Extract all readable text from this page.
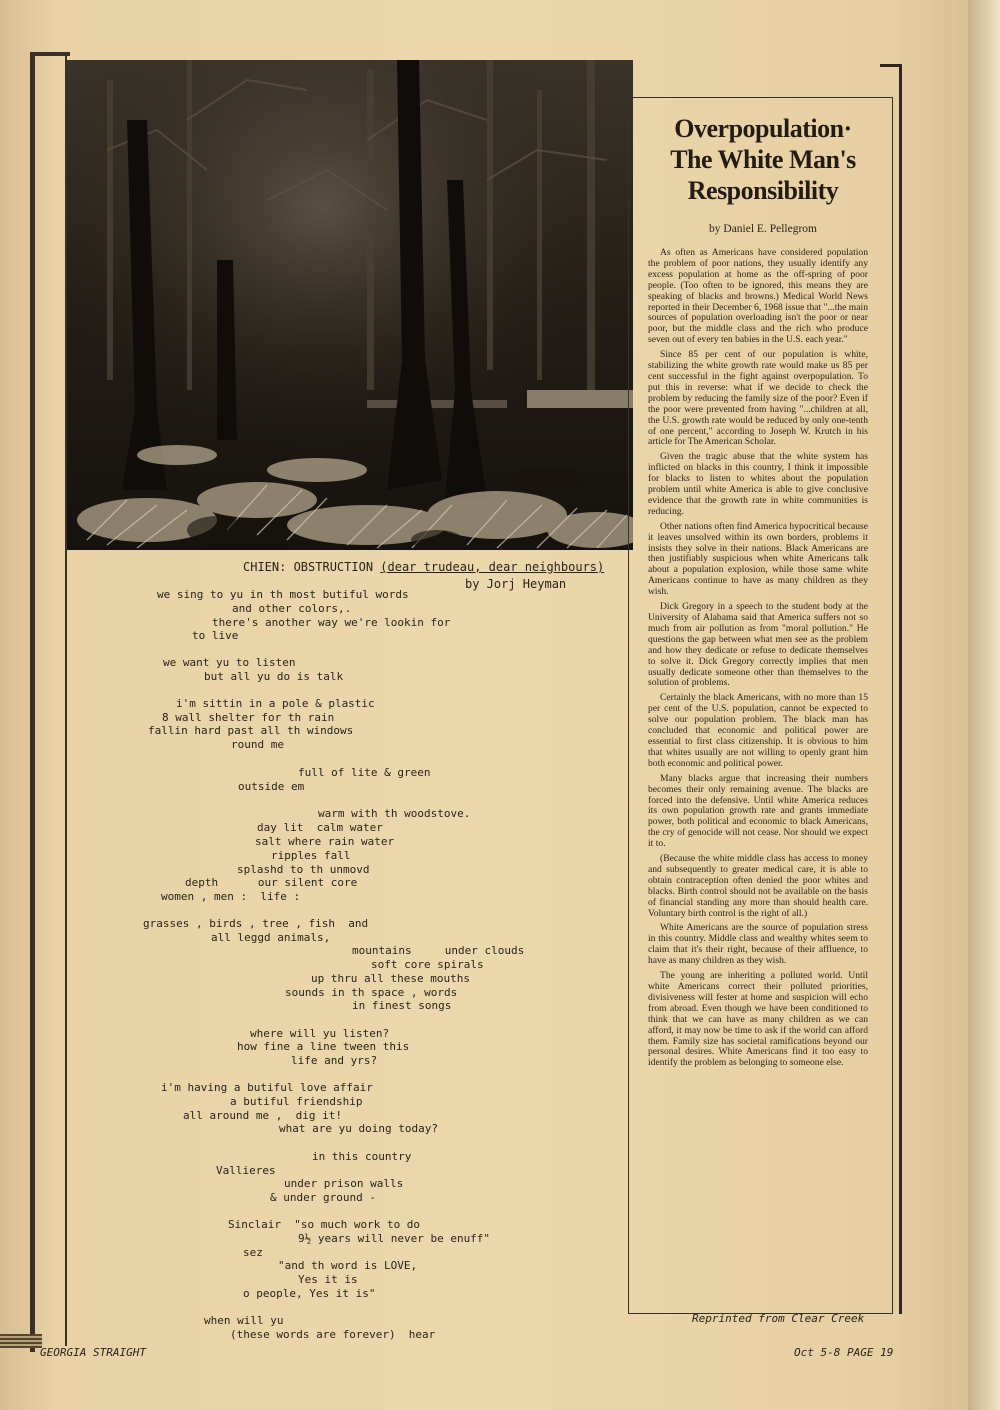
CHIEN: OBSTRUCTION (dear trudeau, dear neighbours)
by Jorj Heyman
we sing to yu in th most butiful words
and other colors,.
there's another way we're lookin for
to live
we want yu to listen
but all yu do is talk
i'm sittin in a pole & plastic
8 wall shelter for th rain
fallin hard past all th windows
round me
full of lite & green
outside em
warm with th woodstove.
day lit  calm water
salt where rain water
ripples fall
splashd to th unmovd
depth      our silent core
women , men :  life :
grasses , birds , tree , fish  and
all leggd animals,
mountains     under clouds
soft core spirals
up thru all these mouths
sounds in th space , words
in finest songs
where will yu listen?
how fine a line tween this
life and yrs?
i'm having a butiful love affair
a butiful friendship
all around me ,  dig it!
what are yu doing today?
in this country
Vallieres
under prison walls
& under ground -
Sinclair  "so much work to do
9½ years will never be enuff"
sez
"and th word is LOVE,
Yes it is
o people, Yes it is"
when will yu
(these words are forever)  hear
Overpopulation·
The White Man's
Responsibility
by Daniel E. Pellegrom

As often as Americans have considered population the problem of poor nations, they usually identify any excess population at home as the off-spring of poor people. (Too often to be ignored, this means they are speaking of blacks and browns.) Medical World News reported in their December 6, 1968 issue that "...the main sources of population overloading isn't the poor or near poor, but the middle class and the rich who produce seven out of every ten babies in the U.S. each year."

Since 85 per cent of our population is white, stabilizing the white growth rate would make us 85 per cent successful in the fight against overpopulation. To put this in reverse: what if we decide to check the problem by reducing the family size of the poor? Even if the poor were prevented from having "...children at all, the U.S. growth rate would be reduced by only one-tenth of one percent," according to Joseph W. Krutch in his article for The American Scholar.

Given the tragic abuse that the white system has inflicted on blacks in this country, I think it impossible for blacks to listen to whites about the population problem until white America is able to give conclusive evidence that the growth rate in white communities is reducing.

Other nations often find America hypocritical because it leaves unsolved within its own borders, problems it insists they solve in their nations. Black Americans are then justifiably suspicious when white Americans talk about a population explosion, while those same white Americans continue to have as many children as they wish.

Dick Gregory in a speech to the student body at the University of Alabama said that America suffers not so much from air pollution as from "moral pollution." He questions the gap between what men see as the problem and how they dedicate or refuse to dedicate themselves to solve it. Dick Gregory correctly implies that men usually dedicate someone other than themselves to the solution of problems.

Certainly the black Americans, with no more than 15 per cent of the U.S. population, cannot be expected to solve our population problem. The black man has concluded that economic and political power are essential to first class citizenship. It is obvious to him that whites usually are not willing to openly grant him both economic and political power.

Many blacks argue that increasing their numbers becomes their only remaining avenue. The blacks are forced into the defensive. Until white America reduces its own population growth rate and grants immediate power, both political and economic to black Americans, the cry of genocide will not cease. Nor should we expect it to.

(Because the white middle class has access to money and subsequently to greater medical care, it is able to obtain contraception often denied the poor whites and blacks. Birth control should not be available on the basis of financial standing any more than should health care. Voluntary birth control is the right of all.)

White Americans are the source of population stress in this country. Middle class and wealthy whites seem to claim that it's their right, because of their affluence, to have as many children as they wish.

The young are inheriting a polluted world. Until white Americans correct their polluted priorities, divisiveness will fester at home and suspicion will echo from abroad. Even though we have been conditioned to think that we can have as many children as we can afford, it may now be time to ask if the world can afford them. Family size has societal ramifications beyond our personal desires. White Americans find it too easy to identify the problem as belonging to someone else.

Reprinted from Clear Creek
GEORGIA STRAIGHT	Oct 5-8 PAGE 19
